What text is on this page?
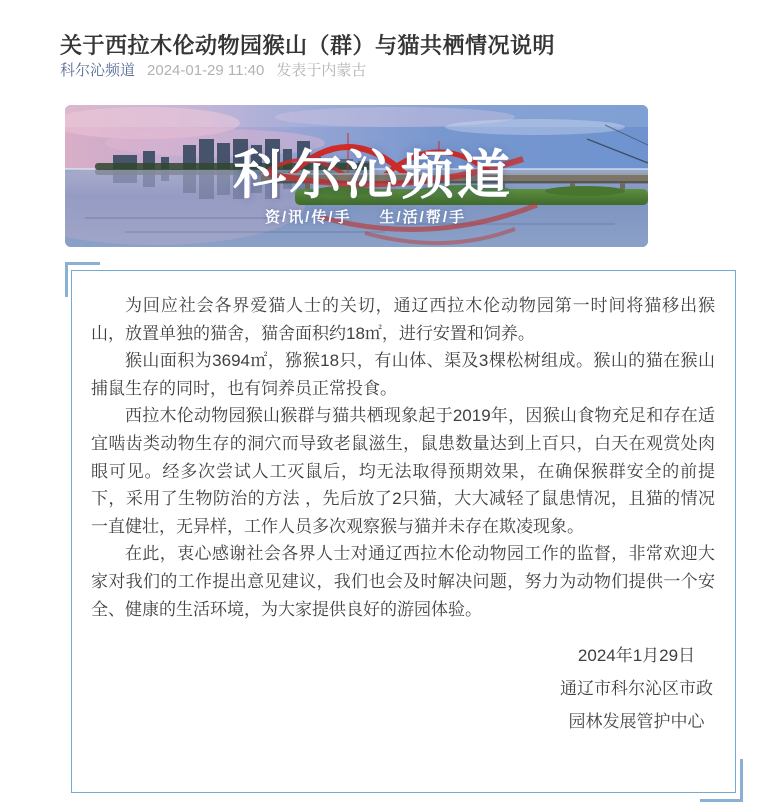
关于西拉木伦动物园猴山（群）与猫共栖情况说明
科尔沁频道 2024-01-29 11:40 发表于内蒙古
科尔沁频道
资/讯/传/手 生/活/帮/手

为回应社会各界爱猫人士的关切，通辽西拉木伦动物园第一时间将猫移出猴山，放置单独的猫舍，猫舍面积约18㎡，进行安置和饲养。

猴山面积为3694㎡，猕猴18只，有山体、渠及3棵松树组成。猴山的猫在猴山捕鼠生存的同时，也有饲养员正常投食。

西拉木伦动物园猴山猴群与猫共栖现象起于2019年，因猴山食物充足和存在适宜啮齿类动物生存的洞穴而导致老鼠滋生，鼠患数量达到上百只，白天在观赏处肉眼可见。经多次尝试人工灭鼠后，均无法取得预期效果，在确保猴群安全的前提下，采用了生物防治的方法 ，先后放了2只猫，大大减轻了鼠患情况，且猫的情况一直健壮，无异样，工作人员多次观察猴与猫并未存在欺凌现象。

在此，衷心感谢社会各界人士对通辽西拉木伦动物园工作的监督，非常欢迎大家对我们的工作提出意见建议，我们也会及时解决问题，努力为动物们提供一个安全、健康的生活环境，为大家提供良好的游园体验。

2024年1月29日
通辽市科尔沁区市政
园林发展管护中心
